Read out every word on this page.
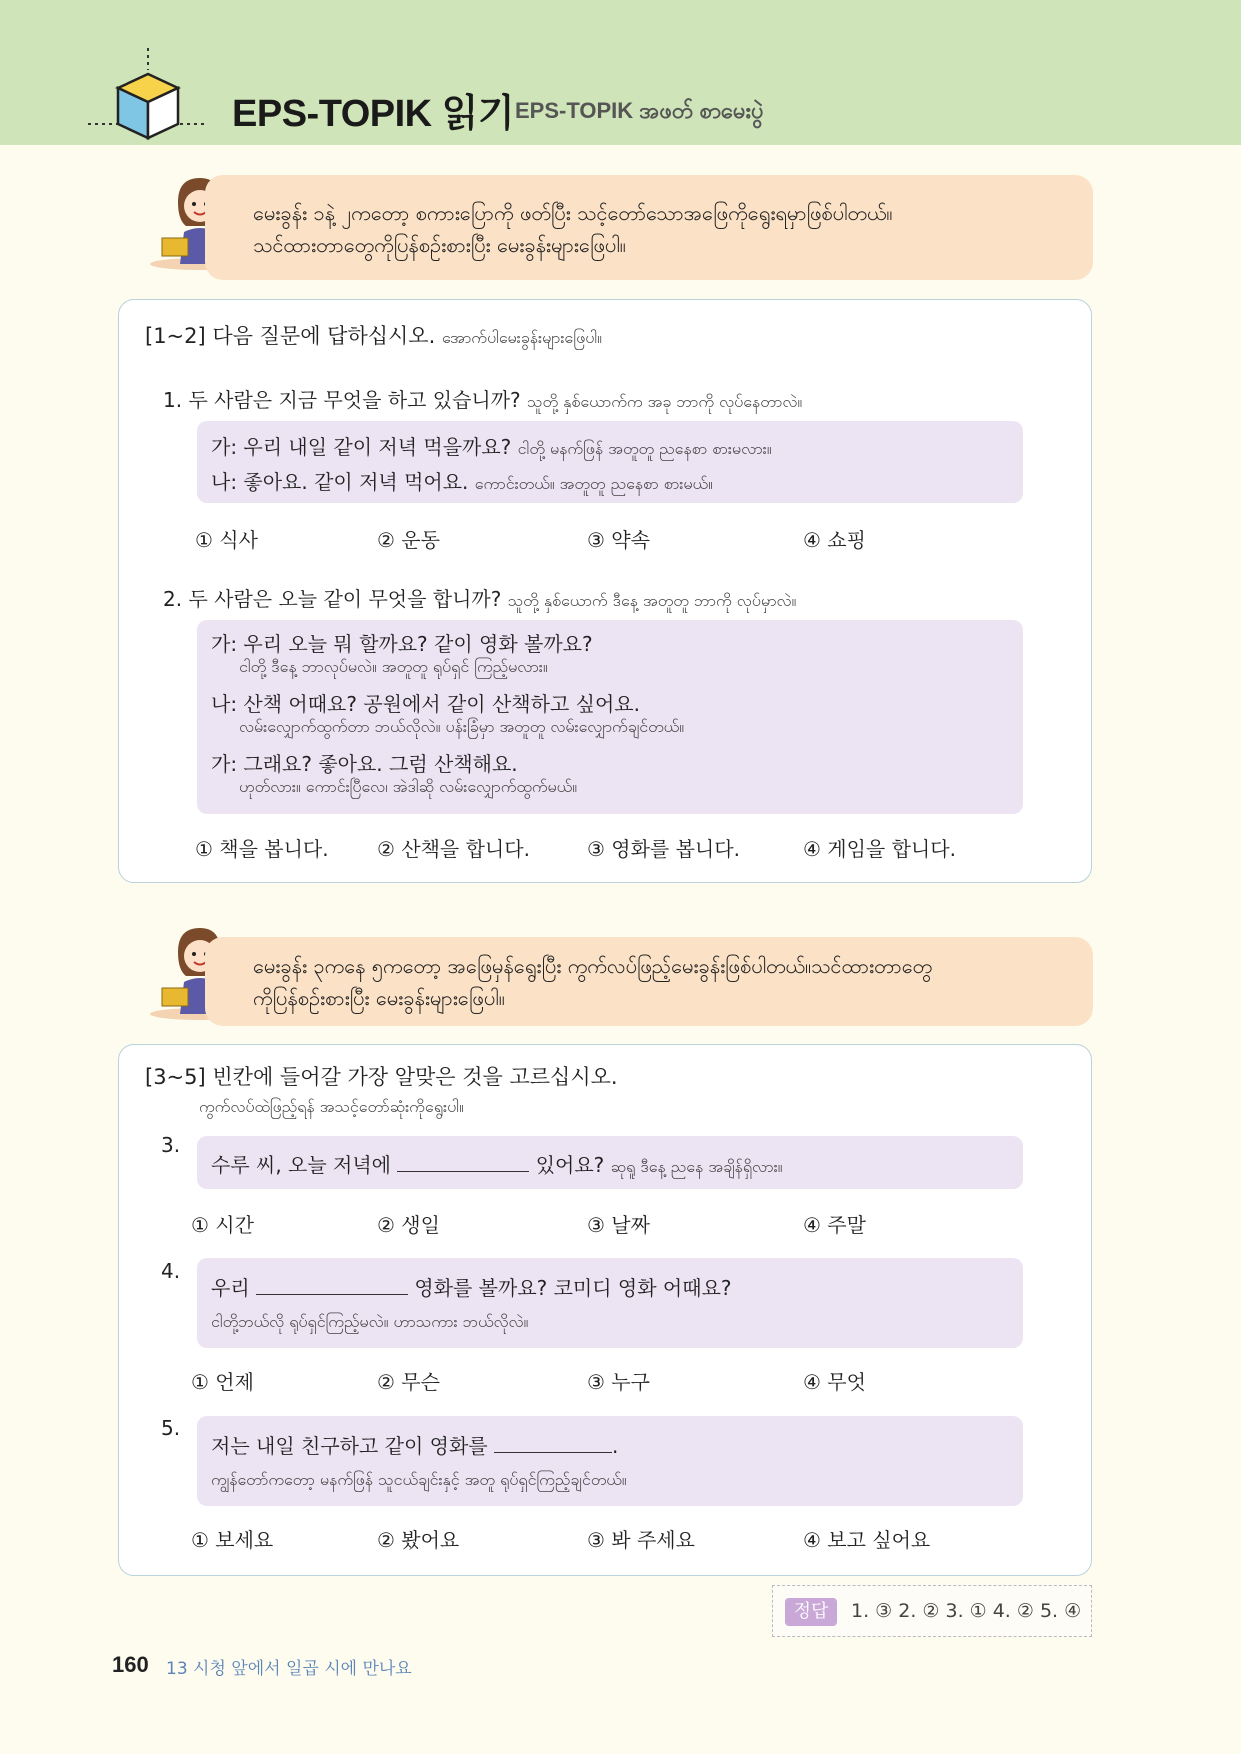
EPS-TOPIK 읽기 EPS-TOPIK အဖတ် စာမေးပွဲ
မေးခွန်း ၁နဲ့ ၂ကတော့ စကားပြောကို ဖတ်ပြီး သင့်တော်သောအဖြေကိုရွေးရမှာဖြစ်ပါတယ်။
သင်ထားတာတွေကိုပြန်စဉ်းစားပြီး မေးခွန်းများဖြေပါ။
[1~2] 다음 질문에 답하십시오. အောက်ပါမေးခွန်းများဖြေပါ။
1. 두 사람은 지금 무엇을 하고 있습니까? သူတို့ နှစ်ယောက်က အခု ဘာကို လုပ်နေတာလဲ။
가: 우리 내일 같이 저녁 먹을까요? ငါတို့ မနက်ဖြန် အတူတူ ညနေစာ စားမလား။
나: 좋아요. 같이 저녁 먹어요. ကောင်းတယ်။ အတူတူ ညနေစာ စားမယ်။
① 식사	② 운동	③ 약속	④ 쇼핑
2. 두 사람은 오늘 같이 무엇을 합니까? သူတို့ နှစ်ယောက် ဒီနေ့ အတူတူ ဘာကို လုပ်မှာလဲ။
가: 우리 오늘 뭐 할까요? 같이 영화 볼까요?
ငါတို့ ဒီနေ့ ဘာလုပ်မလဲ။ အတူတူ ရုပ်ရှင် ကြည့်မလား။
나: 산책 어때요? 공원에서 같이 산책하고 싶어요.
လမ်းလျှောက်ထွက်တာ ဘယ်လိုလဲ။ ပန်းခြံမှာ အတူတူ လမ်းလျှောက်ချင်တယ်။
가: 그래요? 좋아요. 그럼 산책해요.
ဟုတ်လား။ ကောင်းပြီလေ၊ အဲဒါဆို လမ်းလျှောက်ထွက်မယ်။
① 책을 봅니다. ② 산책을 합니다.	③ 영화를 봅니다.	④ 게임을 합니다.
မေးခွန်း ၃ကနေ ၅ကတော့ အဖြေမှန်ရွေးပြီး ကွက်လပ်ဖြည့်မေးခွန်းဖြစ်ပါတယ်။သင်ထားတာတွေ
ကိုပြန်စဉ်းစားပြီး မေးခွန်းများဖြေပါ။
[3~5] 빈칸에 들어갈 가장 알맞은 것을 고르십시오.
ကွက်လပ်ထဲဖြည့်ရန် အသင့်တော်ဆုံးကိုရွေးပါ။
3.
수루 씨, 오늘 저녁에	있어요? ဆုရူ ဒီနေ့ ညနေ အချိန်ရှိလား။
① 시간	② 생일	③ 날짜	④ 주말
4.
우리	영화를 볼까요? 코미디 영화 어때요?
ငါတို့ဘယ်လို ရုပ်ရှင်ကြည့်မလဲ။ ဟာသကား ဘယ်လိုလဲ။
① 언제	② 무슨	③ 누구	④ 무엇
5.
저는 내일 친구하고 같이 영화를	.
ကျွန်တော်ကတော့ မနက်ဖြန် သူငယ်ချင်းနှင့် အတူ ရုပ်ရှင်ကြည့်ချင်တယ်။
① 보세요	② 봤어요	③ 봐 주세요	④ 보고 싶어요
정답	1. ③ 2. ② 3. ① 4. ② 5. ④
160 13 시청 앞에서 일곱 시에 만나요
